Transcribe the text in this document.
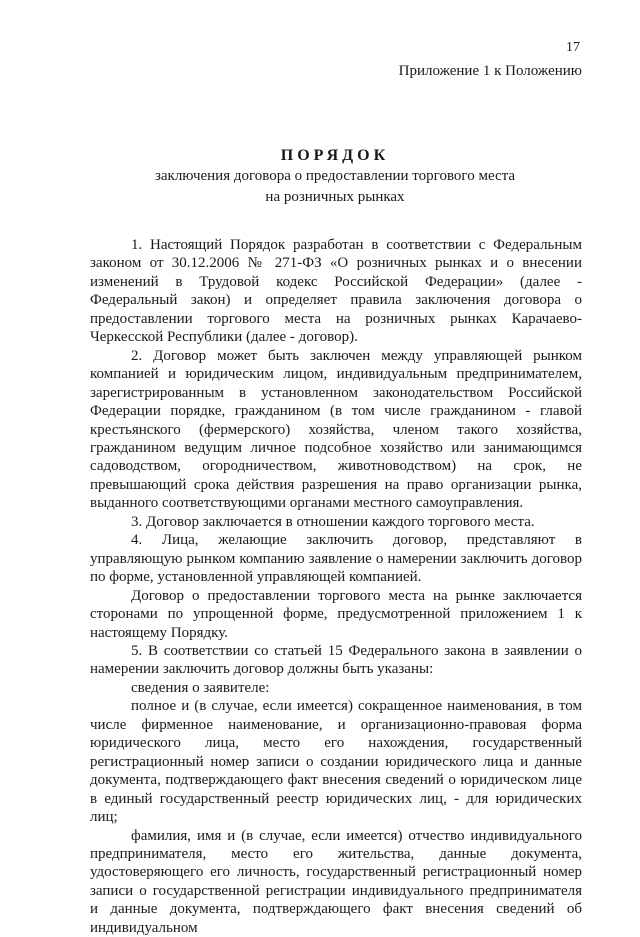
17
Приложение 1 к Положению

ПОРЯДОК

заключения договора о предоставлении торгового места

на розничных рынках

1. Настоящий Порядок разработан в соответствии с Федеральным законом от 30.12.2006 № 271-ФЗ «О розничных рынках и о внесении изменений в Трудовой кодекс Российской Федерации» (далее - Федеральный закон) и определяет правила заключения договора о предоставлении торгового места на розничных рынках Карачаево-Черкесской Республики (далее - договор).

2. Договор может быть заключен между управляющей рынком компанией и юридическим лицом, индивидуальным предпринимателем, зарегистрированным в установленном законодательством Российской Федерации порядке, гражданином (в том числе гражданином - главой крестьянского (фермерского) хозяйства, членом такого хозяйства, гражданином ведущим личное подсобное хозяйство или занимающимся садоводством, огородничеством, животноводством) на срок, не превышающий срока действия разрешения на право организации рынка, выданного соответствующими органами местного самоуправления.

3. Договор заключается в отношении каждого торгового места.

4. Лица, желающие заключить договор, представляют в управляющую рынком компанию заявление о намерении заключить договор по форме, установленной управляющей компанией.

Договор о предоставлении торгового места на рынке заключается сторонами по упрощенной форме, предусмотренной приложением 1 к настоящему Порядку.

5. В соответствии со статьей 15 Федерального закона в заявлении о намерении заключить договор должны быть указаны:

сведения о заявителе:

полное и (в случае, если имеется) сокращенное наименования, в том числе фирменное наименование, и организационно-правовая форма юридического лица, место его нахождения, государственный регистрационный номер записи о создании юридического лица и данные документа, подтверждающего факт внесения сведений о юридическом лице в единый государственный реестр юридических лиц, - для юридических лиц;

фамилия, имя и (в случае, если имеется) отчество индивидуального предпринимателя, место его жительства, данные документа, удостоверяющего его личность, государственный регистрационный номер записи о государственной регистрации индивидуального предпринимателя и данные документа, подтверждающего факт внесения сведений об индивидуальном
